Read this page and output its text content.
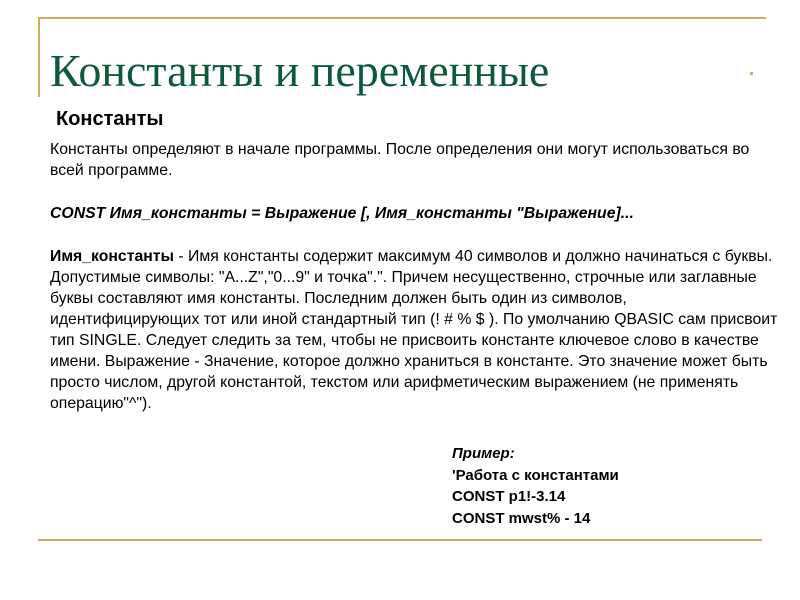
Константы и переменные
Константы

Константы определяют в начале программы. После определения они могут использоваться во всей программе.

CONST Имя_константы = Выражение [, Имя_константы "Выражение]...

Имя_константы - Имя константы содержит максимум 40 символов и должно начинаться с буквы. Допустимые символы: "A...Z","0...9" и точка".". Причем несущественно, строчные или заглавные буквы составляют имя константы. Последним должен быть один из символов, идентифицирующих тот или иной стандартный тип (! # % $ ). По умолчанию QBASIC сам присвоит тип SINGLE. Следует следить за тем, чтобы не присвоить константе ключевое слово в качестве имени. Выражение - Значение, которое должно храниться в константе. Это значение может быть просто числом, другой константой, текстом или арифметическим выражением (не применять операцию"^").

Пример:
'Работа с константами
CONST p1!-3.14
CONST mwst% - 14
